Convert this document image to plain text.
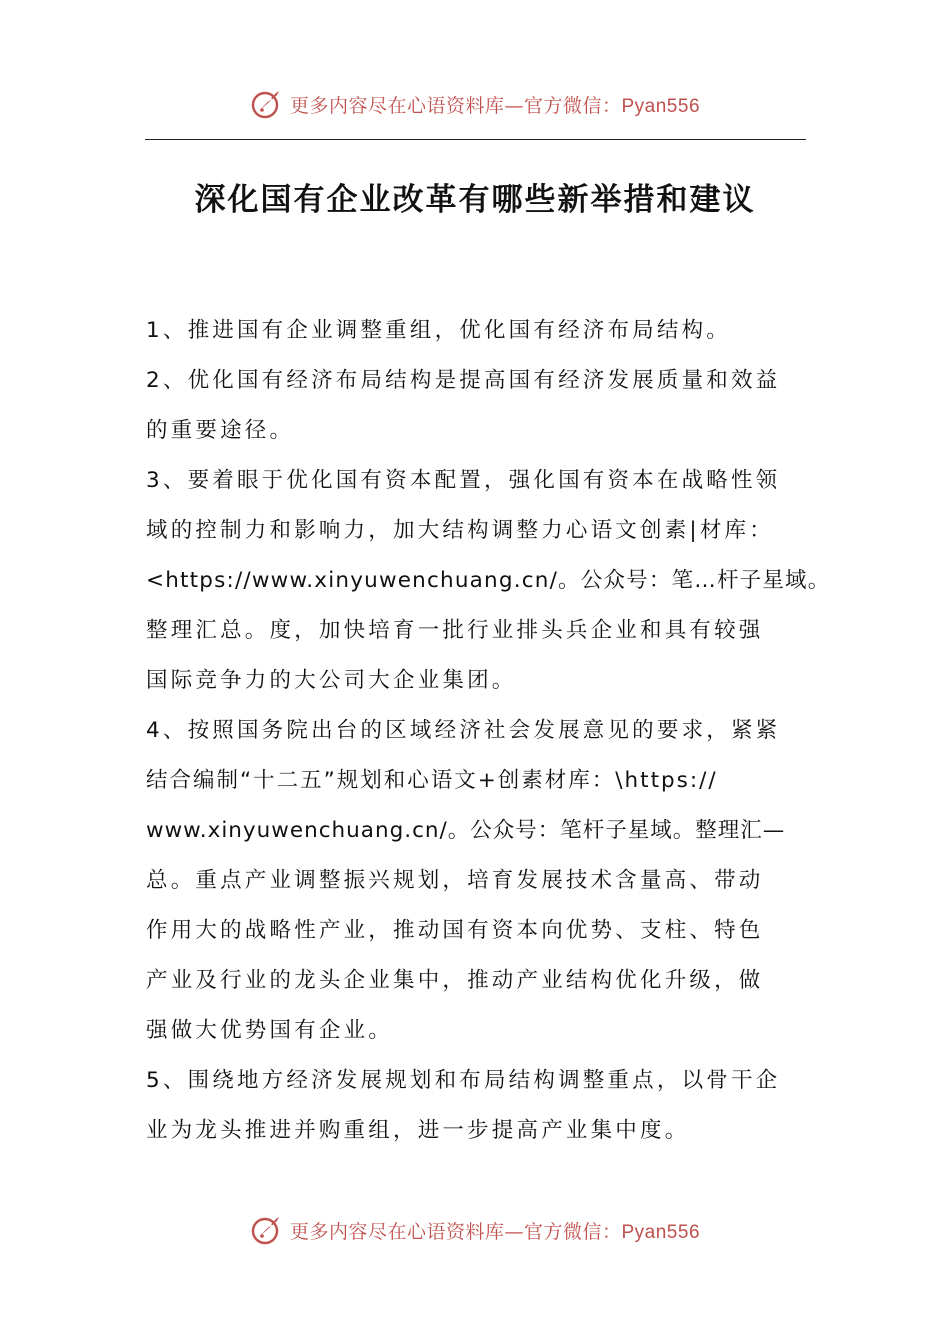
更多内容尽在心语资料库—官方微信：Pyan556
深化国有企业改革有哪些新举措和建议
1、推进国有企业调整重组，优化国有经济布局结构。
2、优化国有经济布局结构是提高国有经济发展质量和效益
的重要途径。
3、要着眼于优化国有资本配置，强化国有资本在战略性领
域的控制力和影响力，加大结构调整力心语文创素|材库：
<https://www.xinyuwenchuang.cn/。公众号：笔…杆子星域。
整理汇总。度，加快培育一批行业排头兵企业和具有较强
国际竞争力的大公司大企业集团。
4、按照国务院出台的区域经济社会发展意见的要求，紧紧
结合编制“十二五”规划和心语文+创素材库：\https://
www.xinyuwenchuang.cn/。公众号：笔杆子星域。整理汇—
总。重点产业调整振兴规划，培育发展技术含量高、带动
作用大的战略性产业，推动国有资本向优势、支柱、特色
产业及行业的龙头企业集中，推动产业结构优化升级，做
强做大优势国有企业。
5、围绕地方经济发展规划和布局结构调整重点，以骨干企
业为龙头推进并购重组，进一步提高产业集中度。
更多内容尽在心语资料库—官方微信：Pyan556
